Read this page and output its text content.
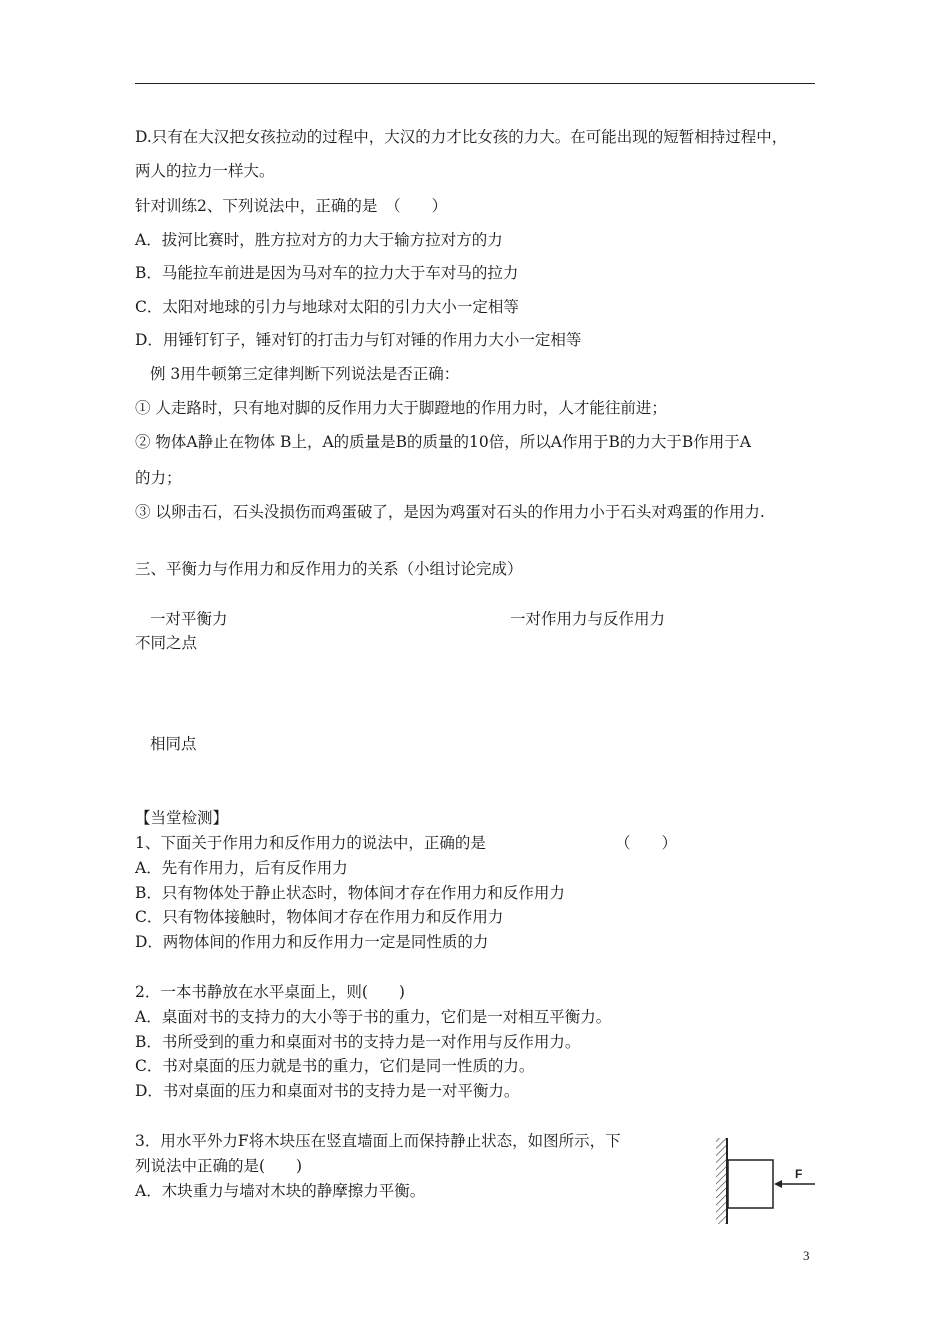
D.只有在大汉把女孩拉动的过程中，大汉的力才比女孩的力大。在可能出现的短暂相持过程中，
两人的拉力一样大。
针对训练2、下列说法中，正确的是　（　　）
A．拔河比赛时，胜方拉对方的力大于输方拉对方的力
B．马能拉车前进是因为马对车的拉力大于车对马的拉力
C．太阳对地球的引力与地球对太阳的引力大小一定相等
D．用锤钉钉子，锤对钉的打击力与钉对锤的作用力大小一定相等
例 3用牛顿第三定律判断下列说法是否正确：
① 人走路时，只有地对脚的反作用力大于脚蹬地的作用力时，人才能往前进；
② 物体A静止在物体 B上，A的质量是B的质量的10倍，所以A作用于B的力大于B作用于A
的力；
③ 以卵击石，石头没损伤而鸡蛋破了，是因为鸡蛋对石头的作用力小于石头对鸡蛋的作用力.
三、平衡力与作用力和反作用力的关系（小组讨论完成）
一对平衡力	一对作用力与反作用力
不同之点
相同点
【当堂检测】
1、下面关于作用力和反作用力的说法中，正确的是	（　　）
A．先有作用力，后有反作用力
B．只有物体处于静止状态时，物体间才存在作用力和反作用力
C．只有物体接触时，物体间才存在作用力和反作用力
D．两物体间的作用力和反作用力一定是同性质的力
2．一本书静放在水平桌面上，则(　　)
A．桌面对书的支持力的大小等于书的重力，它们是一对相互平衡力。
B．书所受到的重力和桌面对书的支持力是一对作用与反作用力。
C．书对桌面的压力就是书的重力，它们是同一性质的力。
D．书对桌面的压力和桌面对书的支持力是一对平衡力。
3．用水平外力F将木块压在竖直墙面上而保持静止状态，如图所示，下
列说法中正确的是(　　)
A．木块重力与墙对木块的静摩擦力平衡。
F
3
